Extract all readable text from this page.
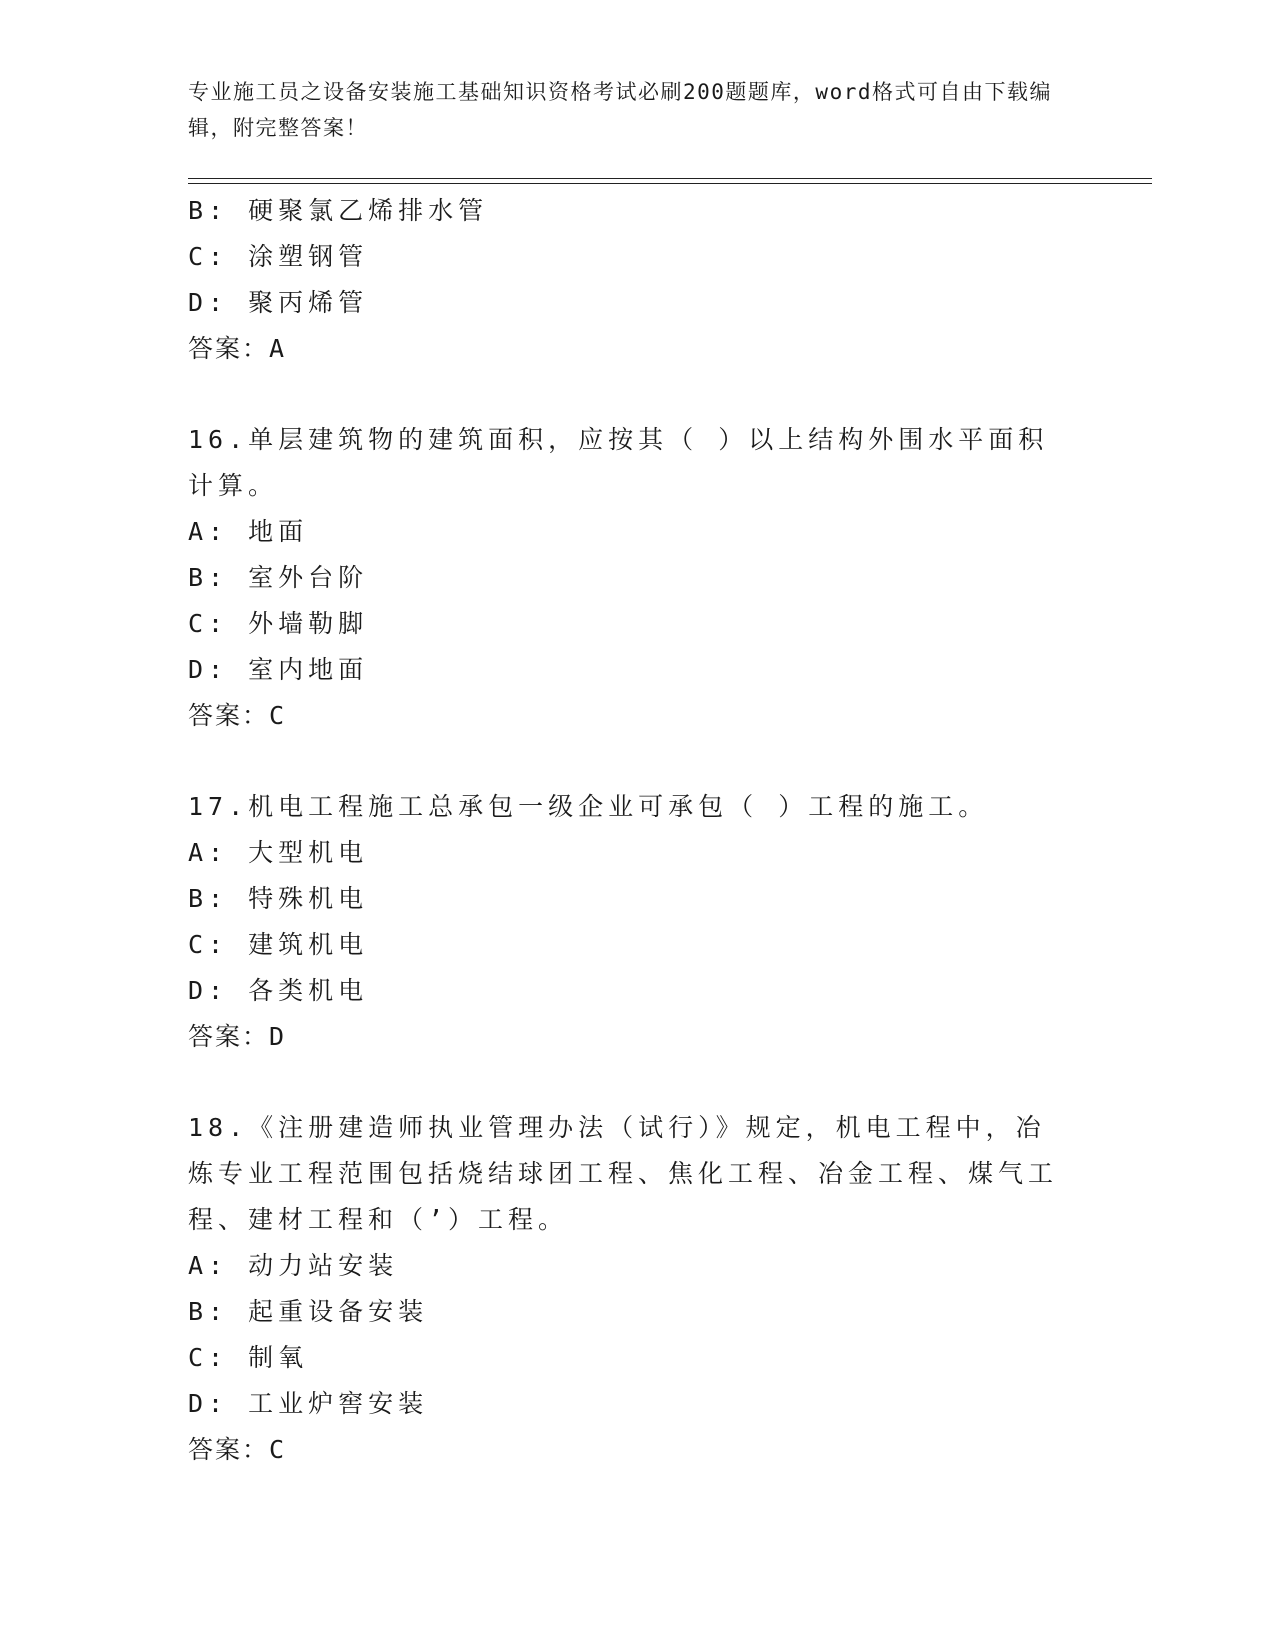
专业施工员之设备安装施工基础知识资格考试必刷200题题库，word格式可自由下载编辑，附完整答案！
B: 硬聚氯乙烯排水管
C: 涂塑钢管
D: 聚丙烯管
答案：A
16.单层建筑物的建筑面积，应按其（ ）以上结构外围水平面积计算。
A: 地面
B: 室外台阶
C: 外墙勒脚
D: 室内地面
答案：C
17.机电工程施工总承包一级企业可承包（ ）工程的施工。
A: 大型机电
B: 特殊机电
C: 建筑机电
D: 各类机电
答案：D
18.《注册建造师执业管理办法（试行）》规定，机电工程中，冶炼专业工程范围包括烧结球团工程、焦化工程、冶金工程、煤气工程、建材工程和（’）工程。
A: 动力站安装
B: 起重设备安装
C: 制氧
D: 工业炉窖安装
答案：C
